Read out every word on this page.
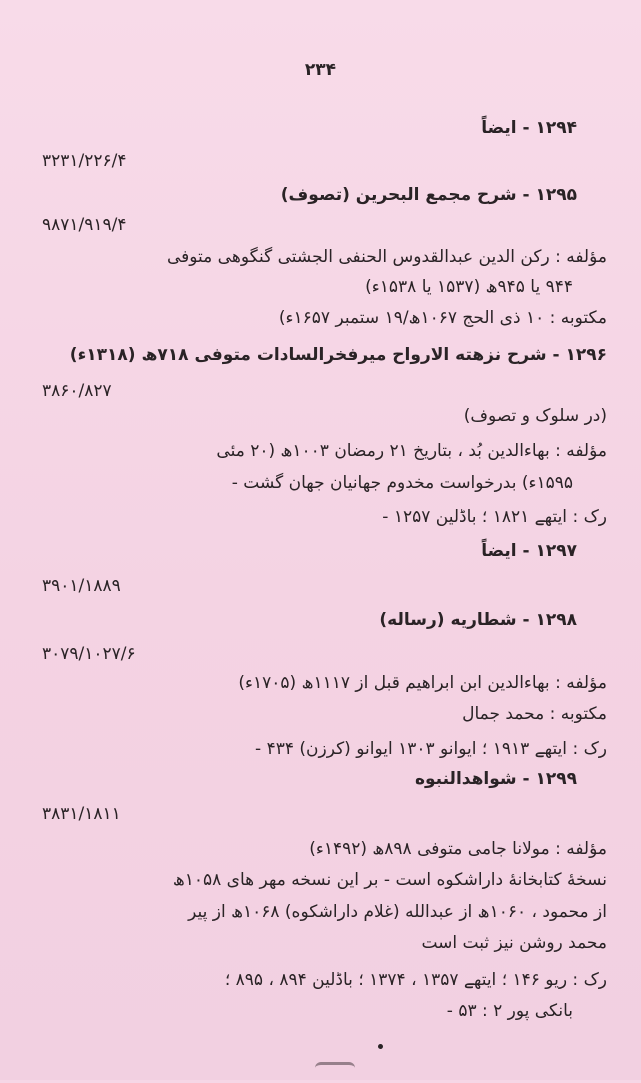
۲۳۴
۱۲۹۴ - ایضاً
۳۲۳۱/۲۲۶/۴
۱۲۹۵ - شرح مجمع البحرین (تصوف)
۹۸۷۱/۹۱۹/۴
مؤلفه : رکن الدین عبدالقدوس الحنفی الجشتی گنگوهی متوفی
۹۴۴ یا ۹۴۵ھ (۱۵۳۷ یا ۱۵۳۸ء)
مکتوبه : ۱۰ ذی الحج ۱۰۶۷ھ/۱۹ ستمبر ۱۶۵۷ء)
۱۲۹۶ - شرح نزهته الارواح میرفخرالسادات متوفی ۷۱۸ھ (۱۳۱۸ء)
۳۸۶۰/۸۲۷
(در سلوک و تصوف)
مؤلفه : بهاءالدین بُد ، بتاریخ ۲۱ رمضان ۱۰۰۳ھ (۲۰ مئی
۱۵۹۵ء) بدرخواست مخدوم جهانیان جهان گشت -
رک : ایتهے ۱۸۲۱ ؛ باڈلین ۱۲۵۷ -
۱۲۹۷ - ایضاً
۳۹۰۱/۱۸۸۹
۱۲۹۸ - شطاریه (رساله)
۳۰۷۹/۱۰۲۷/۶
مؤلفه : بهاءالدین ابن ابراهیم قبل از ۱۱۱۷ھ (۱۷۰۵ء)
مکتوبه : محمد جمال
رک : ایتهے ۱۹۱۳ ؛ ایوانو ۱۳۰۳ ایوانو (کرزن) ۴۳۴ -
۱۲۹۹ - شواهدالنبوه
۳۸۳۱/۱۸۱۱
مؤلفه : مولانا جامی متوفی ۸۹۸ھ (۱۴۹۲ء)
نسخهٔ کتابخانهٔ داراشکوه است - بر این نسخه مهر های ۱۰۵۸ھ
از محمود ، ۱۰۶۰ھ از عبدالله (غلام داراشکوه) ۱۰۶۸ھ از پیر
محمد روشن نیز ثبت است
رک : ریو ۱۴۶ ؛ ایتهے ۱۳۵۷ ، ۱۳۷۴ ؛ باڈلین ۸۹۴ ، ۸۹۵ ؛
بانکی پور ۲ : ۵۳ -
